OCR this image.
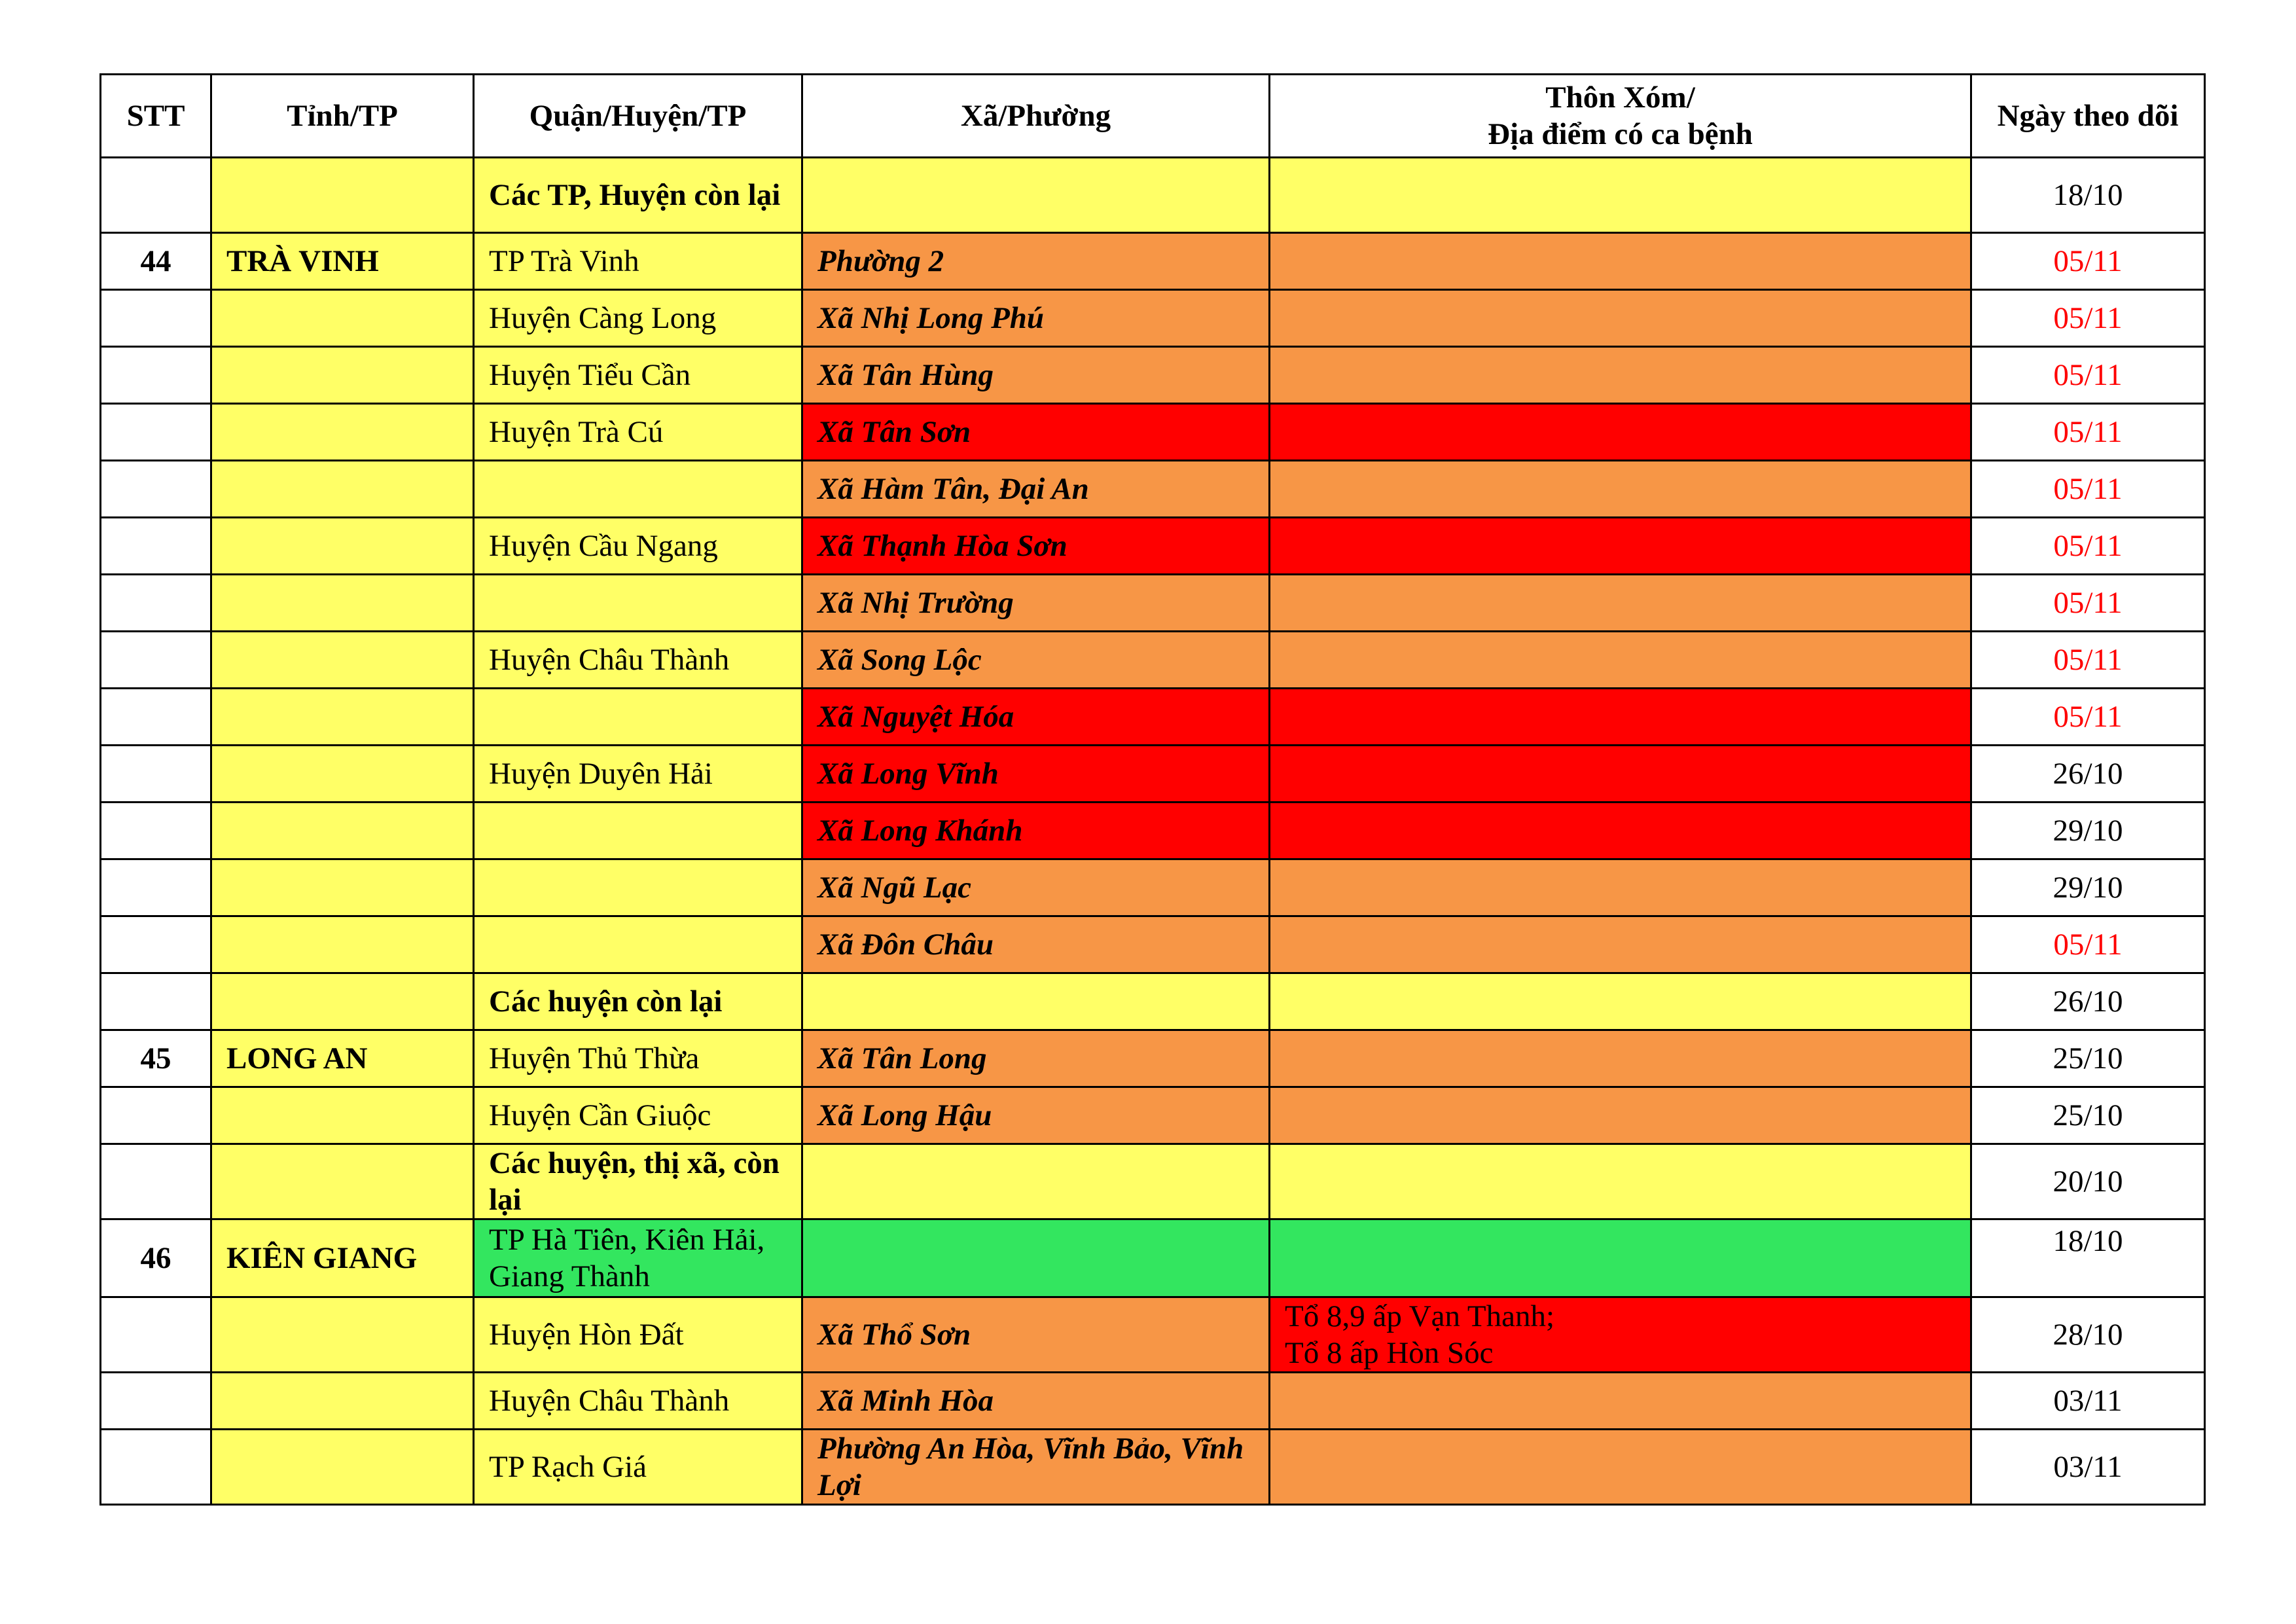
STT	Tỉnh/TP	Quận/Huyện/TP	Xã/Phường	Thôn Xóm/
Địa điểm có ca bệnh	Ngày theo dõi
		Các TP, Huyện còn lại			18/10
44	TRÀ VINH	TP Trà Vinh	Phường 2		05/11
		Huyện Càng Long	Xã Nhị Long Phú		05/11
		Huyện Tiểu Cần	Xã Tân Hùng		05/11
		Huyện Trà Cú	Xã Tân Sơn		05/11
			Xã Hàm Tân, Đại An		05/11
		Huyện Cầu Ngang	Xã Thạnh Hòa Sơn		05/11
			Xã Nhị Trường		05/11
		Huyện Châu Thành	Xã Song Lộc		05/11
			Xã Nguyệt Hóa		05/11
		Huyện Duyên Hải	Xã Long Vĩnh		26/10
			Xã Long Khánh		29/10
			Xã Ngũ Lạc		29/10
			Xã Đôn Châu		05/11
		Các huyện còn lại			26/10
45	LONG AN	Huyện Thủ Thừa	Xã Tân Long		25/10
		Huyện Cần Giuộc	Xã Long Hậu		25/10
		Các huyện, thị xã, còn lại			20/10
46	KIÊN GIANG	TP Hà Tiên, Kiên Hải, Giang Thành			18/10
		Huyện Hòn Đất	Xã Thổ Sơn	Tổ 8,9 ấp Vạn Thanh;
Tổ 8 ấp Hòn Sóc	28/10
		Huyện Châu Thành	Xã Minh Hòa		03/11
		TP Rạch Giá	Phường An Hòa, Vĩnh Bảo, Vĩnh Lợi		03/11
